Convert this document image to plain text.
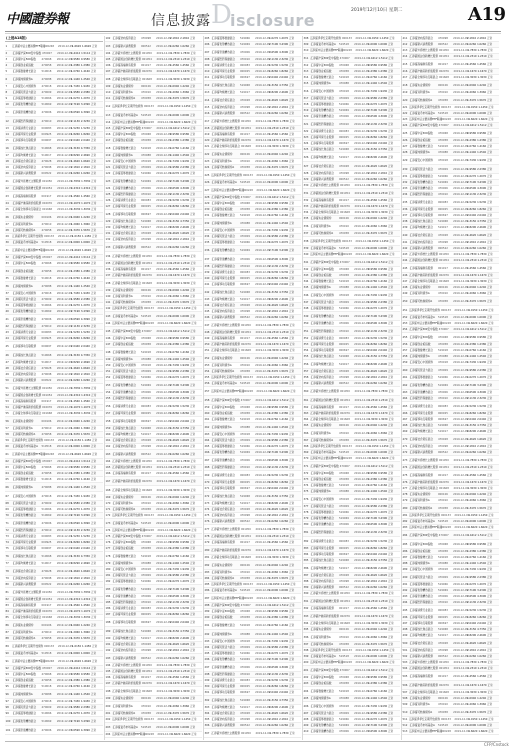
中國證券報	信息披露 D
isclosure
2019年12月10日 星期二	A19
(上接A18版)
1	汇添富中证主要消费ETF联接
000248	2019-12-09
1.6620 1.6620 正常
2	汇添富沪深300安中指数 470007	2019-12-09
1.4412 1.5112 正常
3	汇添富中证500指数	470068	2019-12-09
0.9580 0.9580 正常
4	汇添富创业板指数	470058	2019-12-09
1.2380 1.2380 正常
5	汇添富稳健增长混合	519018	2019-12-09
1.0760 1.4160 正常
6	汇添富纯债债券A	470088	2019-12-09
1.1440 1.2540 正常
7	汇添富安心中国债券	470018	2019-12-09
1.7430 1.9430 正常
8	汇添富民营活力混合	470009	2019-12-09
1.9580 2.2380 正常
9	汇添富蓝筹稳健混合	519066	2019-12-09
1.0270 1.2070 正常
10	汇添富优势精选混合	519069	2019-12-09
2.7190 3.4390 正常
11	汇添富价值精选混合	470006	2019-12-09
3.6590 4.3090 正常
12	汇添富医药保健混合	470010	2019-12-09
2.1130 2.3230 正常
13	汇添富消费行业混合	000083	2019-12-09
1.5230 1.5230 正常
14	汇添富环保行业股票	000925	2019-12-09
1.8260 1.8260 正常
15	汇添富移动互联股票	000697	2019-12-09
2.0440 2.0440 正常
16	汇添富成长焦点混合	519068	2019-12-09
1.3150 4.7350 正常
17	汇添富均衡增长混合	519017	2019-12-09
0.8290 2.4690 正常
18	汇添富社会责任混合	470028	2019-12-09
1.4620 1.6620 正常
19	汇添富逆向投资混合	470098	2019-12-09
2.1810 2.1810 正常
20	汇添富新兴消费股票	000522	2019-12-09
1.0260 1.0260 正常
21	汇添富外延增长主题股票 001050	2019-12-09
1.7830 1.7830 正常
22	汇添富国企创新增长股票 001054	2019-12-09
1.2310 1.2310 正常
23	汇添富高端制造股票	001917	2019-12-09
1.4560 1.4560 正常
24	汇添富沪港深新价值股票 002076	2019-12-09
1.1670 1.1670 正常
25	汇添富全球移动互联混合 001668	2019-12-09
1.3030 1.3030 正常
26	汇添富实业债债券	000106	2019-12-09
1.0940 1.2240 正常
27	汇添富双利债券A	470010	2019-12-09
1.2060 1.3960 正常
28	汇添富可转换债券A	470058	2019-12-09
1.3470 1.5670 正常
29	汇添富季季红定期开放债券 000133	2019-12-09
1.0150 1.1450 正常
30	汇添富货币市场基金A	519518	2019-12-09
1.0000 1.0000 正常
31	汇添富中证主要消费ETF联接
000248	2019-12-09
1.6620 1.6620 正常
32	汇添富沪深300安中指数 470007	2019-12-09
1.4412 1.5112 正常
33	汇添富中证500指数	470068	2019-12-09
0.9580 0.9580 正常
34	汇添富创业板指数	470058	2019-12-09
1.2380 1.2380 正常
35	汇添富稳健增长混合	519018	2019-12-09
1.0760 1.4160 正常
36	汇添富纯债债券A	470088	2019-12-09
1.1440 1.2540 正常
37	汇添富安心中国债券	470018	2019-12-09
1.7430 1.9430 正常
38	汇添富民营活力混合	470009	2019-12-09
1.9580 2.2380 正常
39	汇添富蓝筹稳健混合	519066	2019-12-09
1.0270 1.2070 正常
40	汇添富优势精选混合	519069	2019-12-09
2.7190 3.4390 正常
41	汇添富价值精选混合	470006	2019-12-09
3.6590 4.3090 正常
42	汇添富医药保健混合	470010	2019-12-09
2.1130 2.3230 正常
43	汇添富消费行业混合	000083	2019-12-09
1.5230 1.5230 正常
44	汇添富环保行业股票	000925	2019-12-09
1.8260 1.8260 正常
45	汇添富移动互联股票	000697	2019-12-09
2.0440 2.0440 正常
46	汇添富成长焦点混合	519068	2019-12-09
1.3150 4.7350 正常
47	汇添富均衡增长混合	519017	2019-12-09
0.8290 2.4690 正常
48	汇添富社会责任混合	470028	2019-12-09
1.4620 1.6620 正常
49	汇添富逆向投资混合	470098	2019-12-09
2.1810 2.1810 正常
50	汇添富新兴消费股票	000522	2019-12-09
1.0260 1.0260 正常
51	汇添富外延增长主题股票 001050	2019-12-09
1.7830 1.7830 正常
52	汇添富国企创新增长股票 001054	2019-12-09
1.2310 1.2310 正常
53	汇添富高端制造股票	001917	2019-12-09
1.4560 1.4560 正常
54	汇添富沪港深新价值股票 002076	2019-12-09
1.1670 1.1670 正常
55	汇添富全球移动互联混合 001668	2019-12-09
1.3030 1.3030 正常
56	汇添富实业债债券	000106	2019-12-09
1.0940 1.2240 正常
57	汇添富双利债券A	470010	2019-12-09
1.2060 1.3960 正常
58	汇添富可转换债券A	470058	2019-12-09
1.3470 1.5670 正常
59	汇添富季季红定期开放债券 000133	2019-12-09
1.0150 1.1450 正常
60	汇添富货币市场基金A	519518	2019-12-09
1.0000 1.0000 正常
61	汇添富中证主要消费ETF联接
000248	2019-12-09
1.6620 1.6620 正常
62	汇添富沪深300安中指数 470007	2019-12-09
1.4412 1.5112 正常
63	汇添富中证500指数	470068	2019-12-09
0.9580 0.9580 正常
64	汇添富创业板指数	470058	2019-12-09
1.2380 1.2380 正常
65	汇添富稳健增长混合	519018	2019-12-09
1.0760 1.4160 正常
66	汇添富纯债债券A	470088	2019-12-09
1.1440 1.2540 正常
67	汇添富安心中国债券	470018	2019-12-09
1.7430 1.9430 正常
68	汇添富民营活力混合	470009	2019-12-09
1.9580 2.2380 正常
69	汇添富蓝筹稳健混合	519066	2019-12-09
1.0270 1.2070 正常
70	汇添富优势精选混合	519069	2019-12-09
2.7190 3.4390 正常
71	汇添富价值精选混合	470006	2019-12-09
3.6590 4.3090 正常
72	汇添富医药保健混合	470010	2019-12-09
2.1130 2.3230 正常
73	汇添富消费行业混合	000083	2019-12-09
1.5230 1.5230 正常
74	汇添富环保行业股票	000925	2019-12-09
1.8260 1.8260 正常
75	汇添富移动互联股票	000697	2019-12-09
2.0440 2.0440 正常
76	汇添富成长焦点混合	519068	2019-12-09
1.3150 4.7350 正常
77	汇添富均衡增长混合	519017	2019-12-09
0.8290 2.4690 正常
78	汇添富社会责任混合	470028	2019-12-09
1.4620 1.6620 正常
79	汇添富逆向投资混合	470098	2019-12-09
2.1810 2.1810 正常
80	汇添富新兴消费股票	000522	2019-12-09
1.0260 1.0260 正常
81	汇添富外延增长主题股票 001050	2019-12-09
1.7830 1.7830 正常
82	汇添富国企创新增长股票 001054	2019-12-09
1.2310 1.2310 正常
83	汇添富高端制造股票	001917	2019-12-09
1.4560 1.4560 正常
84	汇添富沪港深新价值股票 002076	2019-12-09
1.1670 1.1670 正常
85	汇添富全球移动互联混合 001668	2019-12-09
1.3030 1.3030 正常
86	汇添富实业债债券	000106	2019-12-09
1.0940 1.2240 正常
87	汇添富双利债券A	470010	2019-12-09
1.2060 1.3960 正常
88	汇添富可转换债券A	470058	2019-12-09
1.3470 1.5670 正常
89	汇添富季季红定期开放债券 000133	2019-12-09
1.0150 1.1450 正常
90	汇添富货币市场基金A	519518	2019-12-09
1.0000 1.0000 正常
91	汇添富中证主要消费ETF联接
000248	2019-12-09
1.6620 1.6620 正常
92	汇添富沪深300安中指数 470007	2019-12-09
1.4412 1.5112 正常
93	汇添富中证500指数	470068	2019-12-09
0.9580 0.9580 正常
94	汇添富创业板指数	470058	2019-12-09
1.2380 1.2380 正常
95	汇添富稳健增长混合	519018	2019-12-09
1.0760 1.4160 正常
96	汇添富纯债债券A	470088	2019-12-09
1.1440 1.2540 正常
97	汇添富安心中国债券	470018	2019-12-09
1.7430 1.9430 正常
98	汇添富民营活力混合	470009	2019-12-09
1.9580 2.2380 正常
99	汇添富蓝筹稳健混合	519066	2019-12-09
1.0270 1.2070 正常
100 汇添富优势精选混合	519069	2019-12-09
2.7190 3.4390 正常
101 汇添富价值精选混合	470006	2019-12-09
3.6590 4.3090 正常
102 汇添富逆向投资混合	470098	2019-12-09
2.1810 2.1810 正常
103 汇添富新兴消费股票	000522	2019-12-09
1.0260 1.0260 正常
104 汇添富外延增长主题股票 001050	2019-12-09
1.7830 1.7830 正常
105 汇添富国企创新增长股票 001054	2019-12-09
1.2310 1.2310 正常
106 汇添富高端制造股票	001917	2019-12-09
1.4560 1.4560 正常
107 汇添富沪港深新价值股票 002076	2019-12-09
1.1670 1.1670 正常
108 汇添富全球移动互联混合 001668	2019-12-09
1.3030 1.3030 正常
109 汇添富实业债债券	000106	2019-12-09
1.0940 1.2240 正常
110 汇添富双利债券A	470010	2019-12-09
1.2060 1.3960 正常
111 汇添富可转换债券A	470058	2019-12-09
1.3470 1.5670 正常
112 汇添富季季红定期开放债券 000133	2019-12-09
1.0150 1.1450 正常
113 汇添富货币市场基金A	519518	2019-12-09
1.0000 1.0000 正常
114 汇添富中证主要消费ETF联接
000248	2019-12-09
1.6620 1.6620 正常
115 汇添富沪深300安中指数 470007	2019-12-09
1.4412 1.5112 正常
116 汇添富中证500指数	470068	2019-12-09
0.9580 0.9580 正常
117 汇添富创业板指数	470058	2019-12-09
1.2380 1.2380 正常
118 汇添富稳健增长混合	519018	2019-12-09
1.0760 1.4160 正常
119 汇添富纯债债券A	470088	2019-12-09
1.1440 1.2540 正常
120 汇添富安心中国债券	470018	2019-12-09
1.7430 1.9430 正常
121 汇添富民营活力混合	470009	2019-12-09
1.9580 2.2380 正常
122 汇添富蓝筹稳健混合	519066	2019-12-09
1.0270 1.2070 正常
123 汇添富优势精选混合	519069	2019-12-09
2.7190 3.4390 正常
124 汇添富价值精选混合	470006	2019-12-09
3.6590 4.3090 正常
125 汇添富医药保健混合	470010	2019-12-09
2.1130 2.3230 正常
126 汇添富消费行业混合	000083	2019-12-09
1.5230 1.5230 正常
127 汇添富环保行业股票	000925	2019-12-09
1.8260 1.8260 正常
128 汇添富移动互联股票	000697	2019-12-09
2.0440 2.0440 正常
129 汇添富成长焦点混合	519068	2019-12-09
1.3150 4.7350 正常
130 汇添富均衡增长混合	519017	2019-12-09
0.8290 2.4690 正常
131 汇添富社会责任混合	470028	2019-12-09
1.4620 1.6620 正常
132 汇添富逆向投资混合	470098	2019-12-09
2.1810 2.1810 正常
133 汇添富新兴消费股票	000522	2019-12-09
1.0260 1.0260 正常
134 汇添富外延增长主题股票 001050	2019-12-09
1.7830 1.7830 正常
135 汇添富国企创新增长股票 001054	2019-12-09
1.2310 1.2310 正常
136 汇添富高端制造股票	001917	2019-12-09
1.4560 1.4560 正常
137 汇添富沪港深新价值股票 002076	2019-12-09
1.1670 1.1670 正常
138 汇添富全球移动互联混合 001668	2019-12-09
1.3030 1.3030 正常
139 汇添富实业债债券	000106	2019-12-09
1.0940 1.2240 正常
140 汇添富双利债券A	470010	2019-12-09
1.2060 1.3960 正常
141 汇添富可转换债券A	470058	2019-12-09
1.3470 1.5670 正常
142 汇添富季季红定期开放债券 000133	2019-12-09
1.0150 1.1450 正常
143 汇添富货币市场基金A	519518	2019-12-09
1.0000 1.0000 正常
144 汇添富中证主要消费ETF联接
000248	2019-12-09
1.6620 1.6620 正常
145 汇添富沪深300安中指数 470007	2019-12-09
1.4412 1.5112 正常
146 汇添富中证500指数	470068	2019-12-09
0.9580 0.9580 正常
147 汇添富创业板指数	470058	2019-12-09
1.2380 1.2380 正常
148 汇添富稳健增长混合	519018	2019-12-09
1.0760 1.4160 正常
149 汇添富纯债债券A	470088	2019-12-09
1.1440 1.2540 正常
150 汇添富安心中国债券	470018	2019-12-09
1.7430 1.9430 正常
151 汇添富民营活力混合	470009	2019-12-09
1.9580 2.2380 正常
152 汇添富蓝筹稳健混合	519066	2019-12-09
1.0270 1.2070 正常
153 汇添富优势精选混合	519069	2019-12-09
2.7190 3.4390 正常
154 汇添富价值精选混合	470006	2019-12-09
3.6590 4.3090 正常
155 汇添富医药保健混合	470010	2019-12-09
2.1130 2.3230 正常
156 汇添富消费行业混合	000083	2019-12-09
1.5230 1.5230 正常
157 汇添富环保行业股票	000925	2019-12-09
1.8260 1.8260 正常
158 汇添富移动互联股票	000697	2019-12-09
2.0440 2.0440 正常
159 汇添富成长焦点混合	519068	2019-12-09
1.3150 4.7350 正常
160 汇添富均衡增长混合	519017	2019-12-09
0.8290 2.4690 正常
161 汇添富社会责任混合	470028	2019-12-09
1.4620 1.6620 正常
162 汇添富逆向投资混合	470098	2019-12-09
2.1810 2.1810 正常
163 汇添富新兴消费股票	000522	2019-12-09
1.0260 1.0260 正常
164 汇添富外延增长主题股票 001050	2019-12-09
1.7830 1.7830 正常
165 汇添富国企创新增长股票 001054	2019-12-09
1.2310 1.2310 正常
166 汇添富高端制造股票	001917	2019-12-09
1.4560 1.4560 正常
167 汇添富沪港深新价值股票 002076	2019-12-09
1.1670 1.1670 正常
168 汇添富全球移动互联混合 001668	2019-12-09
1.3030 1.3030 正常
169 汇添富实业债债券	000106	2019-12-09
1.0940 1.2240 正常
170 汇添富双利债券A	470010	2019-12-09
1.2060 1.3960 正常
171 汇添富可转换债券A	470058	2019-12-09
1.3470 1.5670 正常
172 汇添富季季红定期开放债券 000133	2019-12-09
1.0150 1.1450 正常
173 汇添富货币市场基金A	519518	2019-12-09
1.0000 1.0000 正常
174 汇添富中证主要消费ETF联接
000248	2019-12-09
1.6620 1.6620 正常
175 汇添富沪深300安中指数 470007	2019-12-09
1.4412 1.5112 正常
176 汇添富中证500指数	470068	2019-12-09
0.9580 0.9580 正常
177 汇添富创业板指数	470058	2019-12-09
1.2380 1.2380 正常
178 汇添富稳健增长混合	519018	2019-12-09
1.0760 1.4160 正常
179 汇添富纯债债券A	470088	2019-12-09
1.1440 1.2540 正常
180 汇添富安心中国债券	470018	2019-12-09
1.7430 1.9430 正常
181 汇添富民营活力混合	470009	2019-12-09
1.9580 2.2380 正常
182 汇添富蓝筹稳健混合	519066	2019-12-09
1.0270 1.2070 正常
183 汇添富优势精选混合	519069	2019-12-09
2.7190 3.4390 正常
184 汇添富价值精选混合	470006	2019-12-09
3.6590 4.3090 正常
185 汇添富医药保健混合	470010	2019-12-09
2.1130 2.3230 正常
186 汇添富消费行业混合	000083	2019-12-09
1.5230 1.5230 正常
187 汇添富环保行业股票	000925	2019-12-09
1.8260 1.8260 正常
188 汇添富移动互联股票	000697	2019-12-09
2.0440 2.0440 正常
189 汇添富成长焦点混合	519068	2019-12-09
1.3150 4.7350 正常
190 汇添富均衡增长混合	519017	2019-12-09
0.8290 2.4690 正常
191 汇添富社会责任混合	470028	2019-12-09
1.4620 1.6620 正常
192 汇添富逆向投资混合	470098	2019-12-09
2.1810 2.1810 正常
193 汇添富新兴消费股票	000522	2019-12-09
1.0260 1.0260 正常
194 汇添富外延增长主题股票 001050	2019-12-09
1.7830 1.7830 正常
195 汇添富国企创新增长股票 001054	2019-12-09
1.2310 1.2310 正常
196 汇添富高端制造股票	001917	2019-12-09
1.4560 1.4560 正常
197 汇添富沪港深新价值股票 002076	2019-12-09
1.1670 1.1670 正常
198 汇添富全球移动互联混合 001668	2019-12-09
1.3030 1.3030 正常
199 汇添富实业债债券	000106	2019-12-09
1.0940 1.2240 正常
200 汇添富双利债券A	470010	2019-12-09
1.2060 1.3960 正常
201 汇添富可转换债券A	470058	2019-12-09
1.3470 1.5670 正常
202 汇添富季季红定期开放债券 000133	2019-12-09
1.0150 1.1450 正常
203 汇添富货币市场基金A	519518	2019-12-09
1.0000 1.0000 正常
204 汇添富中证主要消费ETF联接
000248	2019-12-09
1.6620 1.6620 正常
205 汇添富蓝筹稳健混合	519066	2019-12-09
1.0270 1.2070 正常
206 汇添富优势精选混合	519069	2019-12-09
2.7190 3.4390 正常
207 汇添富价值精选混合	470006	2019-12-09
3.6590 4.3090 正常
208 汇添富医药保健混合	470010	2019-12-09
2.1130 2.3230 正常
209 汇添富消费行业混合	000083	2019-12-09
1.5230 1.5230 正常
210 汇添富环保行业股票	000925	2019-12-09
1.8260 1.8260 正常
211 汇添富移动互联股票	000697	2019-12-09
2.0440 2.0440 正常
212 汇添富成长焦点混合	519068	2019-12-09
1.3150 4.7350 正常
213 汇添富均衡增长混合	519017	2019-12-09
0.8290 2.4690 正常
214 汇添富社会责任混合	470028	2019-12-09
1.4620 1.6620 正常
215 汇添富逆向投资混合	470098	2019-12-09
2.1810 2.1810 正常
216 汇添富新兴消费股票	000522	2019-12-09
1.0260 1.0260 正常
217 汇添富外延增长主题股票 001050	2019-12-09
1.7830 1.7830 正常
218 汇添富国企创新增长股票 001054	2019-12-09
1.2310 1.2310 正常
219 汇添富高端制造股票	001917	2019-12-09
1.4560 1.4560 正常
220 汇添富沪港深新价值股票 002076	2019-12-09
1.1670 1.1670 正常
221 汇添富全球移动互联混合 001668	2019-12-09
1.3030 1.3030 正常
222 汇添富实业债债券	000106	2019-12-09
1.0940 1.2240 正常
223 汇添富双利债券A	470010	2019-12-09
1.2060 1.3960 正常
224 汇添富可转换债券A	470058	2019-12-09
1.3470 1.5670 正常
225 汇添富季季红定期开放债券 000133	2019-12-09
1.0150 1.1450 正常
226 汇添富货币市场基金A	519518	2019-12-09
1.0000 1.0000 正常
227 汇添富中证主要消费ETF联接
000248	2019-12-09
1.6620 1.6620 正常
228 汇添富沪深300安中指数 470007	2019-12-09
1.4412 1.5112 正常
229 汇添富中证500指数	470068	2019-12-09
0.9580 0.9580 正常
230 汇添富创业板指数	470058	2019-12-09
1.2380 1.2380 正常
231 汇添富稳健增长混合	519018	2019-12-09
1.0760 1.4160 正常
232 汇添富纯债债券A	470088	2019-12-09
1.1440 1.2540 正常
233 汇添富安心中国债券	470018	2019-12-09
1.7430 1.9430 正常
234 汇添富民营活力混合	470009	2019-12-09
1.9580 2.2380 正常
235 汇添富蓝筹稳健混合	519066	2019-12-09
1.0270 1.2070 正常
236 汇添富优势精选混合	519069	2019-12-09
2.7190 3.4390 正常
237 汇添富价值精选混合	470006	2019-12-09
3.6590 4.3090 正常
238 汇添富医药保健混合	470010	2019-12-09
2.1130 2.3230 正常
239 汇添富消费行业混合	000083	2019-12-09
1.5230 1.5230 正常
240 汇添富环保行业股票	000925	2019-12-09
1.8260 1.8260 正常
241 汇添富移动互联股票	000697	2019-12-09
2.0440 2.0440 正常
242 汇添富成长焦点混合	519068	2019-12-09
1.3150 4.7350 正常
243 汇添富均衡增长混合	519017	2019-12-09
0.8290 2.4690 正常
244 汇添富社会责任混合	470028	2019-12-09
1.4620 1.6620 正常
245 汇添富逆向投资混合	470098	2019-12-09
2.1810 2.1810 正常
246 汇添富新兴消费股票	000522	2019-12-09
1.0260 1.0260 正常
247 汇添富外延增长主题股票 001050	2019-12-09
1.7830 1.7830 正常
248 汇添富国企创新增长股票 001054	2019-12-09
1.2310 1.2310 正常
249 汇添富高端制造股票	001917	2019-12-09
1.4560 1.4560 正常
250 汇添富沪港深新价值股票 002076	2019-12-09
1.1670 1.1670 正常
251 汇添富全球移动互联混合 001668	2019-12-09
1.3030 1.3030 正常
252 汇添富实业债债券	000106	2019-12-09
1.0940 1.2240 正常
253 汇添富双利债券A	470010	2019-12-09
1.2060 1.3960 正常
254 汇添富可转换债券A	470058	2019-12-09
1.3470 1.5670 正常
255 汇添富季季红定期开放债券 000133	2019-12-09
1.0150 1.1450 正常
256 汇添富货币市场基金A	519518	2019-12-09
1.0000 1.0000 正常
257 汇添富中证主要消费ETF联接
000248	2019-12-09
1.6620 1.6620 正常
258 汇添富沪深300安中指数 470007	2019-12-09
1.4412 1.5112 正常
259 汇添富中证500指数	470068	2019-12-09
0.9580 0.9580 正常
260 汇添富创业板指数	470058	2019-12-09
1.2380 1.2380 正常
261 汇添富稳健增长混合	519018	2019-12-09
1.0760 1.4160 正常
262 汇添富纯债债券A	470088	2019-12-09
1.1440 1.2540 正常
263 汇添富安心中国债券	470018	2019-12-09
1.7430 1.9430 正常
264 汇添富民营活力混合	470009	2019-12-09
1.9580 2.2380 正常
265 汇添富蓝筹稳健混合	519066	2019-12-09
1.0270 1.2070 正常
266 汇添富优势精选混合	519069	2019-12-09
2.7190 3.4390 正常
267 汇添富价值精选混合	470006	2019-12-09
3.6590 4.3090 正常
268 汇添富医药保健混合	470010	2019-12-09
2.1130 2.3230 正常
269 汇添富消费行业混合	000083	2019-12-09
1.5230 1.5230 正常
270 汇添富环保行业股票	000925	2019-12-09
1.8260 1.8260 正常
271 汇添富移动互联股票	000697	2019-12-09
2.0440 2.0440 正常
272 汇添富成长焦点混合	519068	2019-12-09
1.3150 4.7350 正常
273 汇添富均衡增长混合	519017	2019-12-09
0.8290 2.4690 正常
274 汇添富社会责任混合	470028	2019-12-09
1.4620 1.6620 正常
275 汇添富逆向投资混合	470098	2019-12-09
2.1810 2.1810 正常
276 汇添富新兴消费股票	000522	2019-12-09
1.0260 1.0260 正常
277 汇添富外延增长主题股票 001050	2019-12-09
1.7830 1.7830 正常
278 汇添富国企创新增长股票 001054	2019-12-09
1.2310 1.2310 正常
279 汇添富高端制造股票	001917	2019-12-09
1.4560 1.4560 正常
280 汇添富沪港深新价值股票 002076	2019-12-09
1.1670 1.1670 正常
281 汇添富全球移动互联混合 001668	2019-12-09
1.3030 1.3030 正常
282 汇添富实业债债券	000106	2019-12-09
1.0940 1.2240 正常
283 汇添富双利债券A	470010	2019-12-09
1.2060 1.3960 正常
284 汇添富可转换债券A	470058	2019-12-09
1.3470 1.5670 正常
285 汇添富季季红定期开放债券 000133	2019-12-09
1.0150 1.1450 正常
286 汇添富货币市场基金A	519518	2019-12-09
1.0000 1.0000 正常
287 汇添富中证主要消费ETF联接
000248	2019-12-09
1.6620 1.6620 正常
288 汇添富沪深300安中指数 470007	2019-12-09
1.4412 1.5112 正常
289 汇添富中证500指数	470068	2019-12-09
0.9580 0.9580 正常
290 汇添富创业板指数	470058	2019-12-09
1.2380 1.2380 正常
291 汇添富稳健增长混合	519018	2019-12-09
1.0760 1.4160 正常
292 汇添富纯债债券A	470088	2019-12-09
1.1440 1.2540 正常
293 汇添富安心中国债券	470018	2019-12-09
1.7430 1.9430 正常
294 汇添富民营活力混合	470009	2019-12-09
1.9580 2.2380 正常
295 汇添富蓝筹稳健混合	519066	2019-12-09
1.0270 1.2070 正常
296 汇添富优势精选混合	519069	2019-12-09
2.7190 3.4390 正常
297 汇添富价值精选混合	470006	2019-12-09
3.6590 4.3090 正常
298 汇添富医药保健混合	470010	2019-12-09
2.1130 2.3230 正常
299 汇添富消费行业混合	000083	2019-12-09
1.5230 1.5230 正常
300 汇添富环保行业股票	000925	2019-12-09
1.8260 1.8260 正常
301 汇添富移动互联股票	000697	2019-12-09
2.0440 2.0440 正常
302 汇添富成长焦点混合	519068	2019-12-09
1.3150 4.7350 正常
303 汇添富均衡增长混合	519017	2019-12-09
0.8290 2.4690 正常
304 汇添富社会责任混合	470028	2019-12-09
1.4620 1.6620 正常
305 汇添富逆向投资混合	470098	2019-12-09
2.1810 2.1810 正常
306 汇添富新兴消费股票	000522	2019-12-09
1.0260 1.0260 正常
307 汇添富外延增长主题股票 001050	2019-12-09
1.7830 1.7830 正常
308 汇添富季季红定期开放债券 000133	2019-12-09
1.0150 1.1450 正常
309 汇添富货币市场基金A	519518	2019-12-09
1.0000 1.0000 正常
310 汇添富中证主要消费ETF联接
000248	2019-12-09
1.6620 1.6620 正常
311 汇添富沪深300安中指数 470007	2019-12-09
1.4412 1.5112 正常
312 汇添富中证500指数	470068	2019-12-09
0.9580 0.9580 正常
313 汇添富创业板指数	470058	2019-12-09
1.2380 1.2380 正常
314 汇添富稳健增长混合	519018	2019-12-09
1.0760 1.4160 正常
315 汇添富纯债债券A	470088	2019-12-09
1.1440 1.2540 正常
316 汇添富安心中国债券	470018	2019-12-09
1.7430 1.9430 正常
317 汇添富民营活力混合	470009	2019-12-09
1.9580 2.2380 正常
318 汇添富蓝筹稳健混合	519066	2019-12-09
1.0270 1.2070 正常
319 汇添富优势精选混合	519069	2019-12-09
2.7190 3.4390 正常
320 汇添富价值精选混合	470006	2019-12-09
3.6590 4.3090 正常
321 汇添富医药保健混合	470010	2019-12-09
2.1130 2.3230 正常
322 汇添富消费行业混合	000083	2019-12-09
1.5230 1.5230 正常
323 汇添富环保行业股票	000925	2019-12-09
1.8260 1.8260 正常
324 汇添富移动互联股票	000697	2019-12-09
2.0440 2.0440 正常
325 汇添富成长焦点混合	519068	2019-12-09
1.3150 4.7350 正常
326 汇添富均衡增长混合	519017	2019-12-09
0.8290 2.4690 正常
327 汇添富社会责任混合	470028	2019-12-09
1.4620 1.6620 正常
328 汇添富逆向投资混合	470098	2019-12-09
2.1810 2.1810 正常
329 汇添富新兴消费股票	000522	2019-12-09
1.0260 1.0260 正常
330 汇添富外延增长主题股票 001050	2019-12-09
1.7830 1.7830 正常
331 汇添富国企创新增长股票 001054	2019-12-09
1.2310 1.2310 正常
332 汇添富高端制造股票	001917	2019-12-09
1.4560 1.4560 正常
333 汇添富沪港深新价值股票 002076	2019-12-09
1.1670 1.1670 正常
334 汇添富全球移动互联混合 001668	2019-12-09
1.3030 1.3030 正常
335 汇添富实业债债券	000106	2019-12-09
1.0940 1.2240 正常
336 汇添富双利债券A	470010	2019-12-09
1.2060 1.3960 正常
337 汇添富可转换债券A	470058	2019-12-09
1.3470 1.5670 正常
338 汇添富季季红定期开放债券 000133	2019-12-09
1.0150 1.1450 正常
339 汇添富货币市场基金A	519518	2019-12-09
1.0000 1.0000 正常
340 汇添富中证主要消费ETF联接
000248	2019-12-09
1.6620 1.6620 正常
341 汇添富沪深300安中指数 470007	2019-12-09
1.4412 1.5112 正常
342 汇添富中证500指数	470068	2019-12-09
0.9580 0.9580 正常
343 汇添富创业板指数	470058	2019-12-09
1.2380 1.2380 正常
344 汇添富稳健增长混合	519018	2019-12-09
1.0760 1.4160 正常
345 汇添富纯债债券A	470088	2019-12-09
1.1440 1.2540 正常
346 汇添富安心中国债券	470018	2019-12-09
1.7430 1.9430 正常
347 汇添富民营活力混合	470009	2019-12-09
1.9580 2.2380 正常
348 汇添富蓝筹稳健混合	519066	2019-12-09
1.0270 1.2070 正常
349 汇添富优势精选混合	519069	2019-12-09
2.7190 3.4390 正常
350 汇添富价值精选混合	470006	2019-12-09
3.6590 4.3090 正常
351 汇添富医药保健混合	470010	2019-12-09
2.1130 2.3230 正常
352 汇添富消费行业混合	000083	2019-12-09
1.5230 1.5230 正常
353 汇添富环保行业股票	000925	2019-12-09
1.8260 1.8260 正常
354 汇添富移动互联股票	000697	2019-12-09
2.0440 2.0440 正常
355 汇添富成长焦点混合	519068	2019-12-09
1.3150 4.7350 正常
356 汇添富均衡增长混合	519017	2019-12-09
0.8290 2.4690 正常
357 汇添富社会责任混合	470028	2019-12-09
1.4620 1.6620 正常
358 汇添富逆向投资混合	470098	2019-12-09
2.1810 2.1810 正常
359 汇添富新兴消费股票	000522	2019-12-09
1.0260 1.0260 正常
360 汇添富外延增长主题股票 001050	2019-12-09
1.7830 1.7830 正常
361 汇添富国企创新增长股票 001054	2019-12-09
1.2310 1.2310 正常
362 汇添富高端制造股票	001917	2019-12-09
1.4560 1.4560 正常
363 汇添富沪港深新价值股票 002076	2019-12-09
1.1670 1.1670 正常
364 汇添富全球移动互联混合 001668	2019-12-09
1.3030 1.3030 正常
365 汇添富实业债债券	000106	2019-12-09
1.0940 1.2240 正常
366 汇添富双利债券A	470010	2019-12-09
1.2060 1.3960 正常
367 汇添富可转换债券A	470058	2019-12-09
1.3470 1.5670 正常
368 汇添富季季红定期开放债券 000133	2019-12-09
1.0150 1.1450 正常
369 汇添富货币市场基金A	519518	2019-12-09
1.0000 1.0000 正常
370 汇添富中证主要消费ETF联接
000248	2019-12-09
1.6620 1.6620 正常
371 汇添富沪深300安中指数 470007	2019-12-09
1.4412 1.5112 正常
372 汇添富中证500指数	470068	2019-12-09
0.9580 0.9580 正常
373 汇添富创业板指数	470058	2019-12-09
1.2380 1.2380 正常
374 汇添富稳健增长混合	519018	2019-12-09
1.0760 1.4160 正常
375 汇添富纯债债券A	470088	2019-12-09
1.1440 1.2540 正常
376 汇添富安心中国债券	470018	2019-12-09
1.7430 1.9430 正常
377 汇添富民营活力混合	470009	2019-12-09
1.9580 2.2380 正常
378 汇添富蓝筹稳健混合	519066	2019-12-09
1.0270 1.2070 正常
379 汇添富优势精选混合	519069	2019-12-09
2.7190 3.4390 正常
380 汇添富价值精选混合	470006	2019-12-09
3.6590 4.3090 正常
381 汇添富医药保健混合	470010	2019-12-09
2.1130 2.3230 正常
382 汇添富消费行业混合	000083	2019-12-09
1.5230 1.5230 正常
383 汇添富环保行业股票	000925	2019-12-09
1.8260 1.8260 正常
384 汇添富移动互联股票	000697	2019-12-09
2.0440 2.0440 正常
385 汇添富成长焦点混合	519068	2019-12-09
1.3150 4.7350 正常
386 汇添富均衡增长混合	519017	2019-12-09
0.8290 2.4690 正常
387 汇添富社会责任混合	470028	2019-12-09
1.4620 1.6620 正常
388 汇添富逆向投资混合	470098	2019-12-09
2.1810 2.1810 正常
389 汇添富新兴消费股票	000522	2019-12-09
1.0260 1.0260 正常
390 汇添富外延增长主题股票 001050	2019-12-09
1.7830 1.7830 正常
391 汇添富国企创新增长股票 001054	2019-12-09
1.2310 1.2310 正常
392 汇添富高端制造股票	001917	2019-12-09
1.4560 1.4560 正常
393 汇添富沪港深新价值股票 002076	2019-12-09
1.1670 1.1670 正常
394 汇添富全球移动互联混合 001668	2019-12-09
1.3030 1.3030 正常
395 汇添富实业债债券	000106	2019-12-09
1.0940 1.2240 正常
396 汇添富双利债券A	470010	2019-12-09
1.2060 1.3960 正常
397 汇添富可转换债券A	470058	2019-12-09
1.3470 1.5670 正常
398 汇添富季季红定期开放债券 000133	2019-12-09
1.0150 1.1450 正常
399 汇添富货币市场基金A	519518	2019-12-09
1.0000 1.0000 正常
400 汇添富中证主要消费ETF联接
000248	2019-12-09
1.6620 1.6620 正常
401 汇添富沪深300安中指数 470007	2019-12-09
1.4412 1.5112 正常
402 汇添富中证500指数	470068	2019-12-09
0.9580 0.9580 正常
403 汇添富创业板指数	470058	2019-12-09
1.2380 1.2380 正常
404 汇添富稳健增长混合	519018	2019-12-09
1.0760 1.4160 正常
405 汇添富纯债债券A	470088	2019-12-09
1.1440 1.2540 正常
406 汇添富安心中国债券	470018	2019-12-09
1.7430 1.9430 正常
407 汇添富民营活力混合	470009	2019-12-09
1.9580 2.2380 正常
408 汇添富蓝筹稳健混合	519066	2019-12-09
1.0270 1.2070 正常
409 汇添富优势精选混合	519069	2019-12-09
2.7190 3.4390 正常
410 汇添富价值精选混合	470006	2019-12-09
3.6590 4.3090 正常
411 汇添富逆向投资混合	470098	2019-12-09
2.1810 2.1810 正常
412 汇添富新兴消费股票	000522	2019-12-09
1.0260 1.0260 正常
413 汇添富外延增长主题股票 001050	2019-12-09
1.7830 1.7830 正常
414 汇添富国企创新增长股票 001054	2019-12-09
1.2310 1.2310 正常
415 汇添富高端制造股票	001917	2019-12-09
1.4560 1.4560 正常
416 汇添富沪港深新价值股票 002076	2019-12-09
1.1670 1.1670 正常
417 汇添富全球移动互联混合 001668	2019-12-09
1.3030 1.3030 正常
418 汇添富实业债债券	000106	2019-12-09
1.0940 1.2240 正常
419 汇添富双利债券A	470010	2019-12-09
1.2060 1.3960 正常
420 汇添富可转换债券A	470058	2019-12-09
1.3470 1.5670 正常
421 汇添富季季红定期开放债券 000133	2019-12-09
1.0150 1.1450 正常
422 汇添富货币市场基金A	519518	2019-12-09
1.0000 1.0000 正常
423 汇添富中证主要消费ETF联接
000248	2019-12-09
1.6620 1.6620 正常
424 汇添富沪深300安中指数 470007	2019-12-09
1.4412 1.5112 正常
425 汇添富中证500指数	470068	2019-12-09
0.9580 0.9580 正常
426 汇添富创业板指数	470058	2019-12-09
1.2380 1.2380 正常
427 汇添富稳健增长混合	519018	2019-12-09
1.0760 1.4160 正常
428 汇添富纯债债券A	470088	2019-12-09
1.1440 1.2540 正常
429 汇添富安心中国债券	470018	2019-12-09
1.7430 1.9430 正常
430 汇添富民营活力混合	470009	2019-12-09
1.9580 2.2380 正常
431 汇添富蓝筹稳健混合	519066	2019-12-09
1.0270 1.2070 正常
432 汇添富优势精选混合	519069	2019-12-09
2.7190 3.4390 正常
433 汇添富价值精选混合	470006	2019-12-09
3.6590 4.3090 正常
434 汇添富医药保健混合	470010	2019-12-09
2.1130 2.3230 正常
435 汇添富消费行业混合	000083	2019-12-09
1.5230 1.5230 正常
436 汇添富环保行业股票	000925	2019-12-09
1.8260 1.8260 正常
437 汇添富移动互联股票	000697	2019-12-09
2.0440 2.0440 正常
438 汇添富成长焦点混合	519068	2019-12-09
1.3150 4.7350 正常
439 汇添富均衡增长混合	519017	2019-12-09
0.8290 2.4690 正常
440 汇添富社会责任混合	470028	2019-12-09
1.4620 1.6620 正常
441 汇添富逆向投资混合	470098	2019-12-09
2.1810 2.1810 正常
442 汇添富新兴消费股票	000522	2019-12-09
1.0260 1.0260 正常
443 汇添富外延增长主题股票 001050	2019-12-09
1.7830 1.7830 正常
444 汇添富国企创新增长股票 001054	2019-12-09
1.2310 1.2310 正常
445 汇添富高端制造股票	001917	2019-12-09
1.4560 1.4560 正常
446 汇添富沪港深新价值股票 002076	2019-12-09
1.1670 1.1670 正常
447 汇添富全球移动互联混合 001668	2019-12-09
1.3030 1.3030 正常
448 汇添富实业债债券	000106	2019-12-09
1.0940 1.2240 正常
449 汇添富双利债券A	470010	2019-12-09
1.2060 1.3960 正常
450 汇添富可转换债券A	470058	2019-12-09
1.3470 1.5670 正常
451 汇添富季季红定期开放债券 000133	2019-12-09
1.0150 1.1450 正常
452 汇添富货币市场基金A	519518	2019-12-09
1.0000 1.0000 正常
453 汇添富中证主要消费ETF联接
000248	2019-12-09
1.6620 1.6620 正常
454 汇添富沪深300安中指数 470007	2019-12-09
1.4412 1.5112 正常
455 汇添富中证500指数	470068	2019-12-09
0.9580 0.9580 正常
456 汇添富创业板指数	470058	2019-12-09
1.2380 1.2380 正常
457 汇添富稳健增长混合	519018	2019-12-09
1.0760 1.4160 正常
458 汇添富纯债债券A	470088	2019-12-09
1.1440 1.2540 正常
459 汇添富安心中国债券	470018	2019-12-09
1.7430 1.9430 正常
460 汇添富民营活力混合	470009	2019-12-09
1.9580 2.2380 正常
461 汇添富蓝筹稳健混合	519066	2019-12-09
1.0270 1.2070 正常
462 汇添富优势精选混合	519069	2019-12-09
2.7190 3.4390 正常
463 汇添富价值精选混合	470006	2019-12-09
3.6590 4.3090 正常
464 汇添富医药保健混合	470010	2019-12-09
2.1130 2.3230 正常
465 汇添富消费行业混合	000083	2019-12-09
1.5230 1.5230 正常
466 汇添富环保行业股票	000925	2019-12-09
1.8260 1.8260 正常
467 汇添富移动互联股票	000697	2019-12-09
2.0440 2.0440 正常
468 汇添富成长焦点混合	519068	2019-12-09
1.3150 4.7350 正常
469 汇添富均衡增长混合	519017	2019-12-09
0.8290 2.4690 正常
470 汇添富社会责任混合	470028	2019-12-09
1.4620 1.6620 正常
471 汇添富逆向投资混合	470098	2019-12-09
2.1810 2.1810 正常
472 汇添富新兴消费股票	000522	2019-12-09
1.0260 1.0260 正常
473 汇添富外延增长主题股票 001050	2019-12-09
1.7830 1.7830 正常
474 汇添富国企创新增长股票 001054	2019-12-09
1.2310 1.2310 正常
475 汇添富高端制造股票	001917	2019-12-09
1.4560 1.4560 正常
476 汇添富沪港深新价值股票 002076	2019-12-09
1.1670 1.1670 正常
477 汇添富全球移动互联混合 001668	2019-12-09
1.3030 1.3030 正常
478 汇添富实业债债券	000106	2019-12-09
1.0940 1.2240 正常
479 汇添富双利债券A	470010	2019-12-09
1.2060 1.3960 正常
480 汇添富可转换债券A	470058	2019-12-09
1.3470 1.5670 正常
481 汇添富季季红定期开放债券 000133	2019-12-09
1.0150 1.1450 正常
482 汇添富货币市场基金A	519518	2019-12-09
1.0000 1.0000 正常
483 汇添富中证主要消费ETF联接
000248	2019-12-09
1.6620 1.6620 正常
484 汇添富沪深300安中指数 470007	2019-12-09
1.4412 1.5112 正常
485 汇添富中证500指数	470068	2019-12-09
0.9580 0.9580 正常
486 汇添富创业板指数	470058	2019-12-09
1.2380 1.2380 正常
487 汇添富稳健增长混合	519018	2019-12-09
1.0760 1.4160 正常
488 汇添富纯债债券A	470088	2019-12-09
1.1440 1.2540 正常
489 汇添富安心中国债券	470018	2019-12-09
1.7430 1.9430 正常
490 汇添富民营活力混合	470009	2019-12-09
1.9580 2.2380 正常
491 汇添富蓝筹稳健混合	519066	2019-12-09
1.0270 1.2070 正常
492 汇添富优势精选混合	519069	2019-12-09
2.7190 3.4390 正常
493 汇添富价值精选混合	470006	2019-12-09
3.6590 4.3090 正常
494 汇添富医药保健混合	470010	2019-12-09
2.1130 2.3230 正常
495 汇添富消费行业混合	000083	2019-12-09
1.5230 1.5230 正常
496 汇添富环保行业股票	000925	2019-12-09
1.8260 1.8260 正常
497 汇添富移动互联股票	000697	2019-12-09
2.0440 2.0440 正常
498 汇添富成长焦点混合	519068	2019-12-09
1.3150 4.7350 正常
499 汇添富均衡增长混合	519017	2019-12-09
0.8290 2.4690 正常
500 汇添富社会责任混合	470028	2019-12-09
1.4620 1.6620 正常
501 汇添富逆向投资混合	470098	2019-12-09
2.1810 2.1810 正常
502 汇添富新兴消费股票	000522	2019-12-09
1.0260 1.0260 正常
503 汇添富外延增长主题股票 001050	2019-12-09
1.7830 1.7830 正常
504 汇添富国企创新增长股票 001054	2019-12-09
1.2310 1.2310 正常
505 汇添富高端制造股票	001917	2019-12-09
1.4560 1.4560 正常
506 汇添富沪港深新价值股票 002076	2019-12-09
1.1670 1.1670 正常
507 汇添富全球移动互联混合 001668	2019-12-09
1.3030 1.3030 正常
508 汇添富实业债债券	000106	2019-12-09
1.0940 1.2240 正常
509 汇添富双利债券A	470010	2019-12-09
1.2060 1.3960 正常
510 汇添富可转换债券A	470058	2019-12-09
1.3470 1.5670 正常
511 汇添富季季红定期开放债券 000133	2019-12-09
1.0150 1.1450 正常
512 汇添富货币市场基金A	519518	2019-12-09
1.0000 1.0000 正常
513 汇添富中证主要消费ETF联接
000248	2019-12-09
1.6620 1.6620 正常
CFP/Cnstock
